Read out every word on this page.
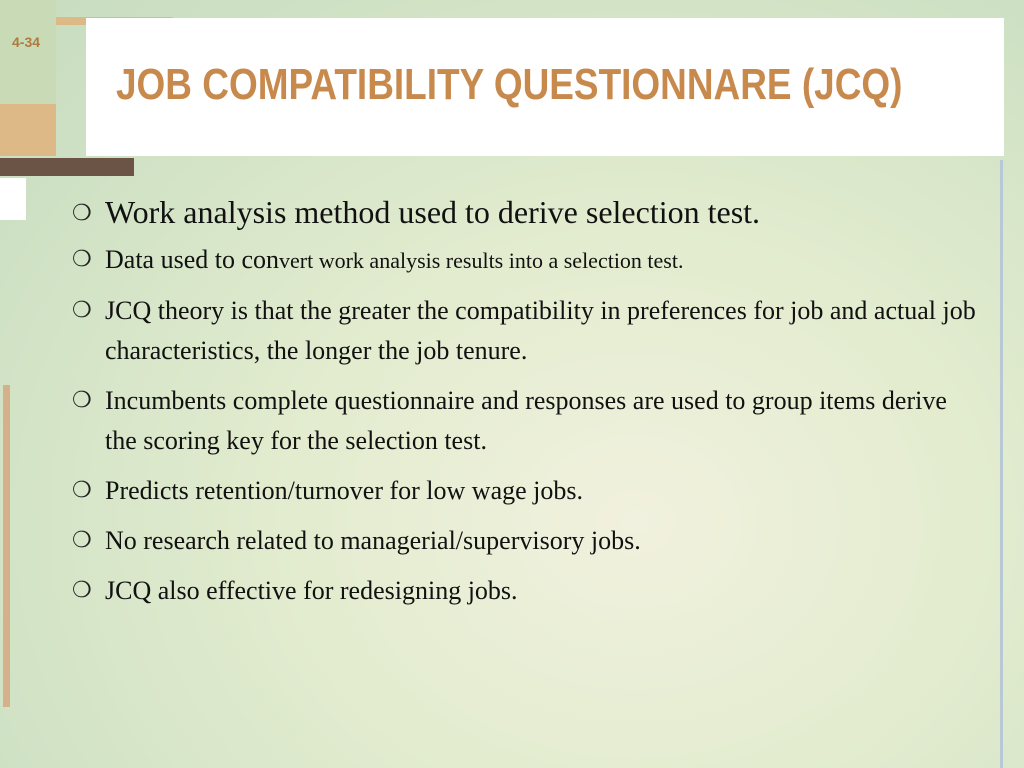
JOB COMPATIBILITY QUESTIONNARE (JCQ)
4-34
❍ Work analysis method used to derive selection test.
❍ Data used to convert work analysis results into a selection test.
❍ JCQ theory is that the greater the compatibility in preferences for job and actual job characteristics, the longer the job tenure.
❍ Incumbents complete questionnaire and responses are used to group items derive the scoring key for the selection test.
❍ Predicts retention/turnover for low wage jobs.
❍ No research related to managerial/supervisory jobs.
❍ JCQ also effective for redesigning jobs.
